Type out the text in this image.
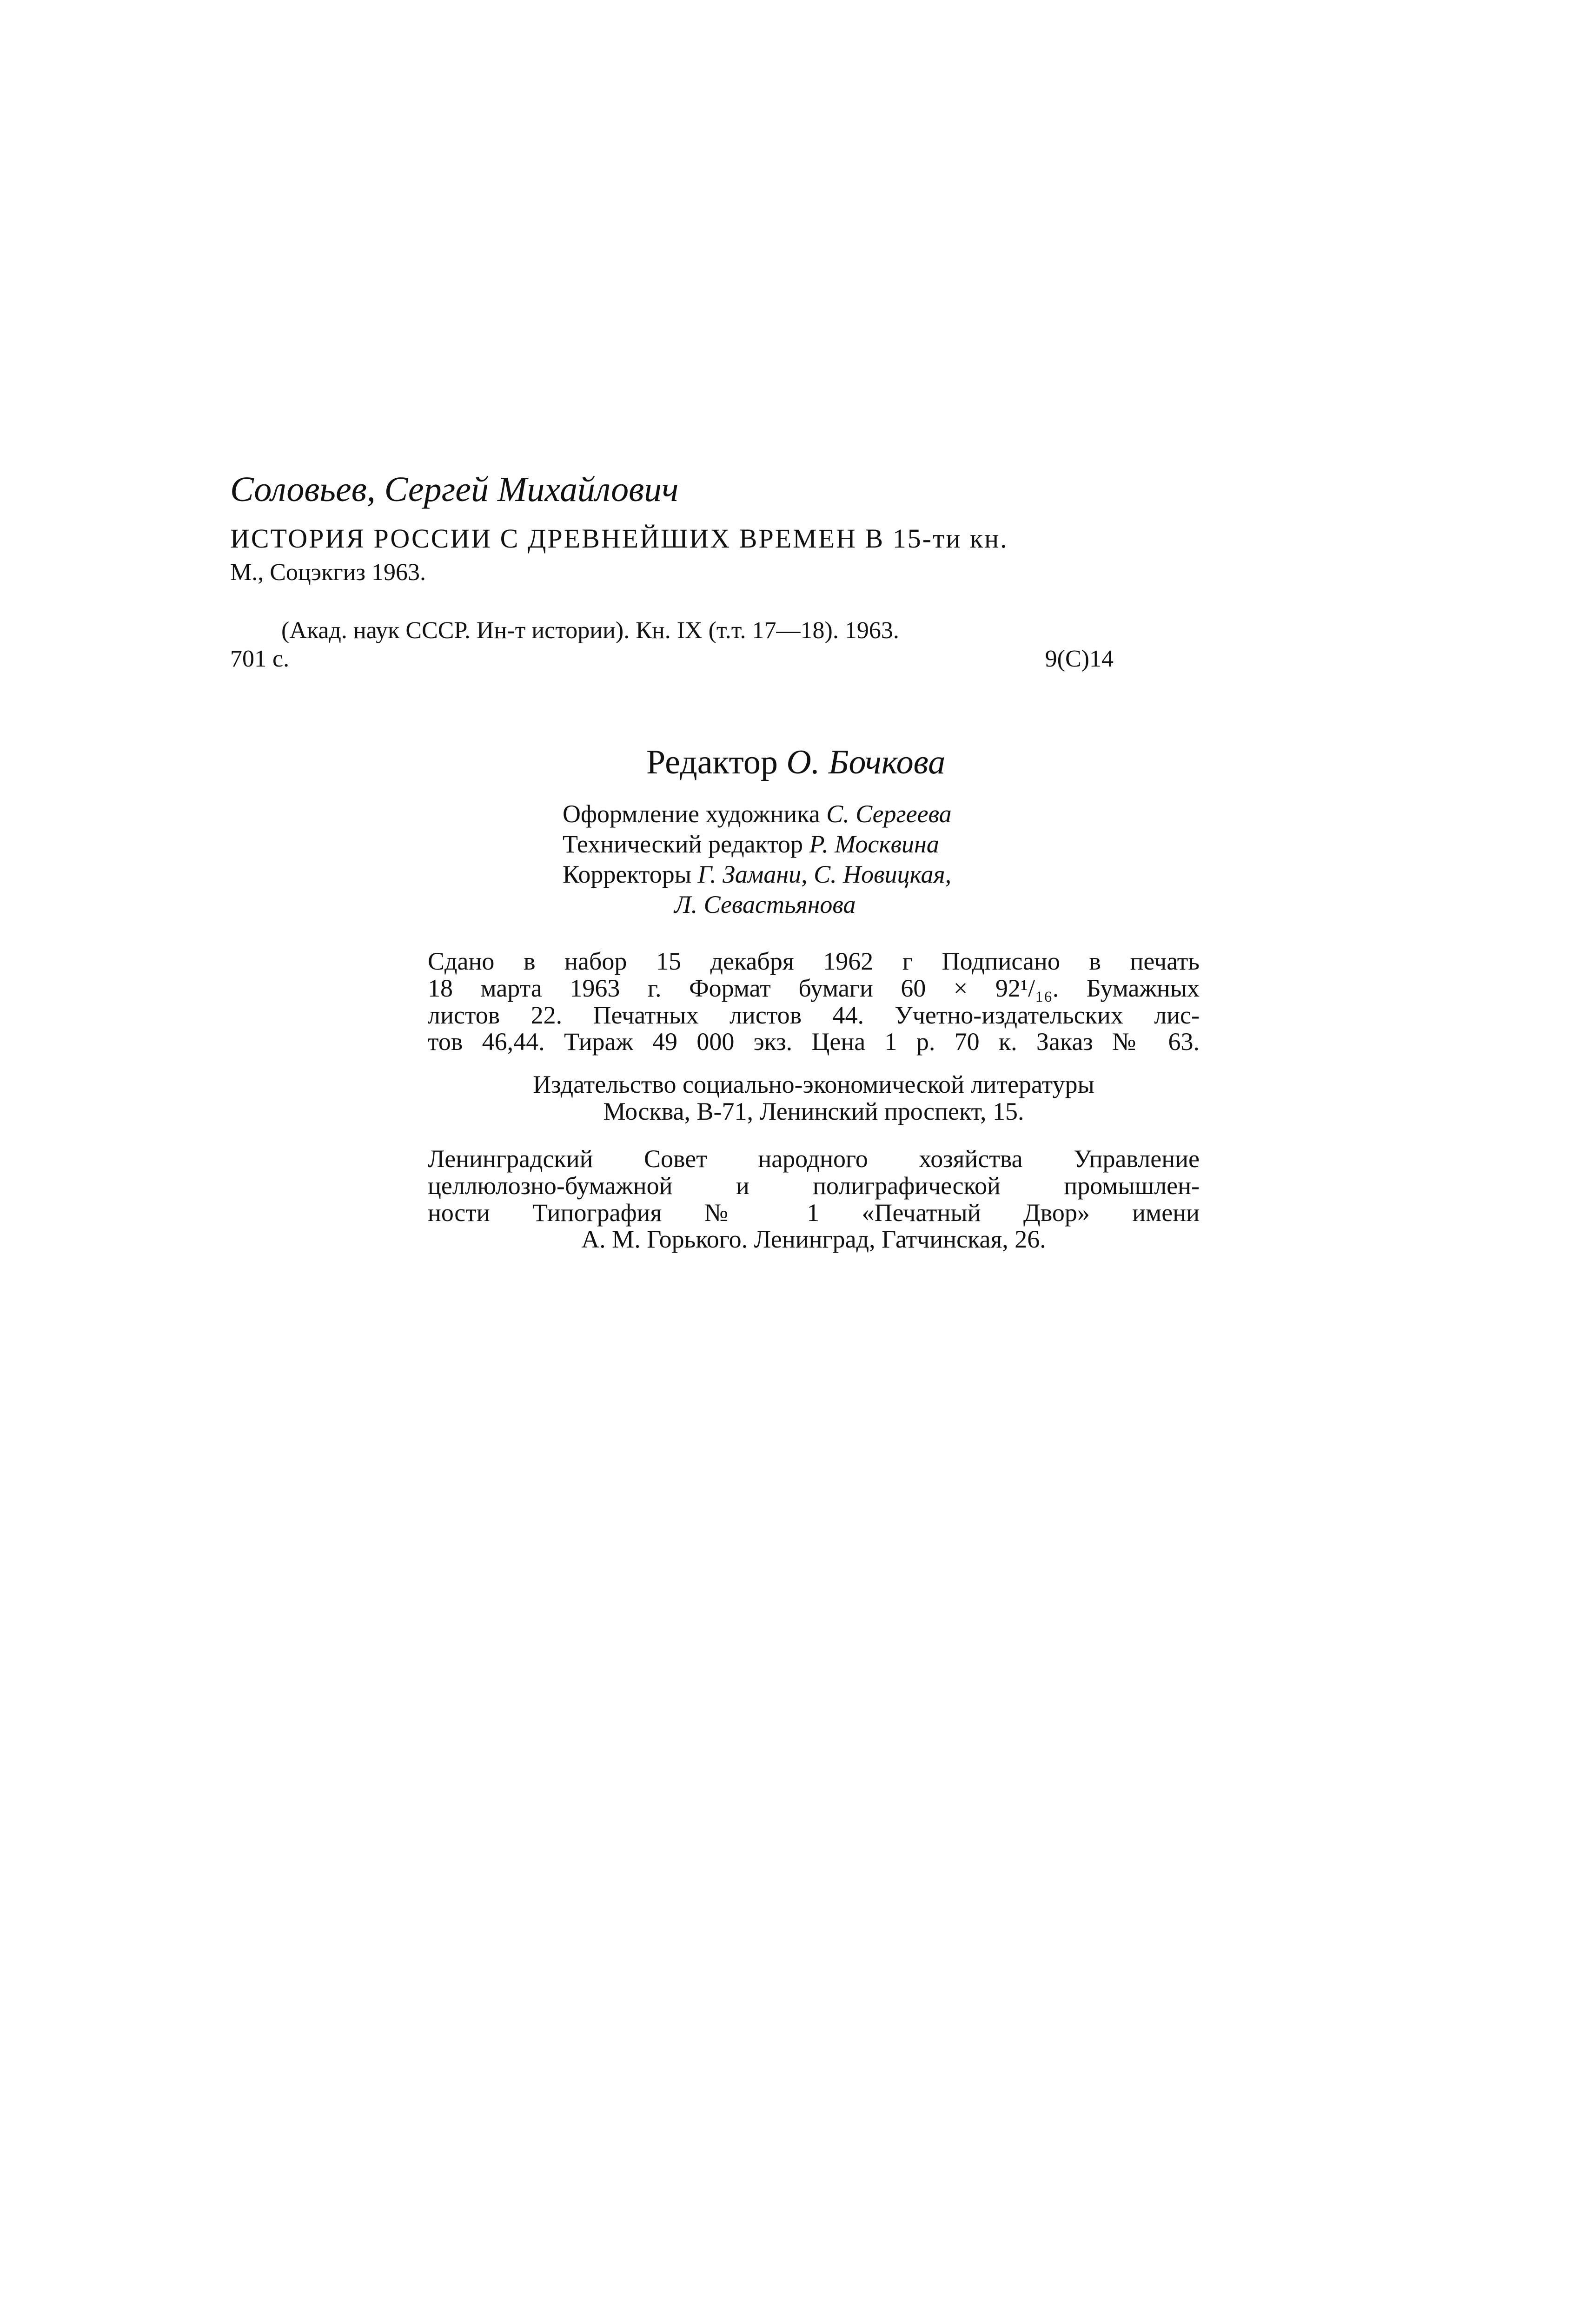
Соловьев, Сергей Михайлович

ИСТОРИЯ РОССИИ С ДРЕВНЕЙШИХ ВРЕМЕН В 15-ти кн.

М., Соцэкгиз 1963.

(Акад. наук СССР. Ин-т истории). Кн. IX (т.т. 17—18). 1963.

701 с.	9(С)14

Редактор О. Бочкова

Оформление художника С. Сергеева

Технический редактор Р. Москвина

Корректоры Г. Замани, С. Новицкая,

Л. Севастьянова

Сдано в набор 15 декабря 1962 г Подписано в печать
18 марта 1963 г. Формат бумаги 60 × 92¹/₁₆. Бумажных
листов 22. Печатных листов 44. Учетно-издательских лис-
тов 46,44. Тираж 49 000 экз. Цена 1 р. 70 к. Заказ № 63.
Издательство социально-экономической литературы
Москва, В-71, Ленинский проспект, 15.
Ленинградский Совет народного хозяйства Управление
целлюлозно-бумажной и полиграфической промышлен-
ности Типография № 1 «Печатный Двор» имени
А. М. Горького. Ленинград, Гатчинская, 26.
